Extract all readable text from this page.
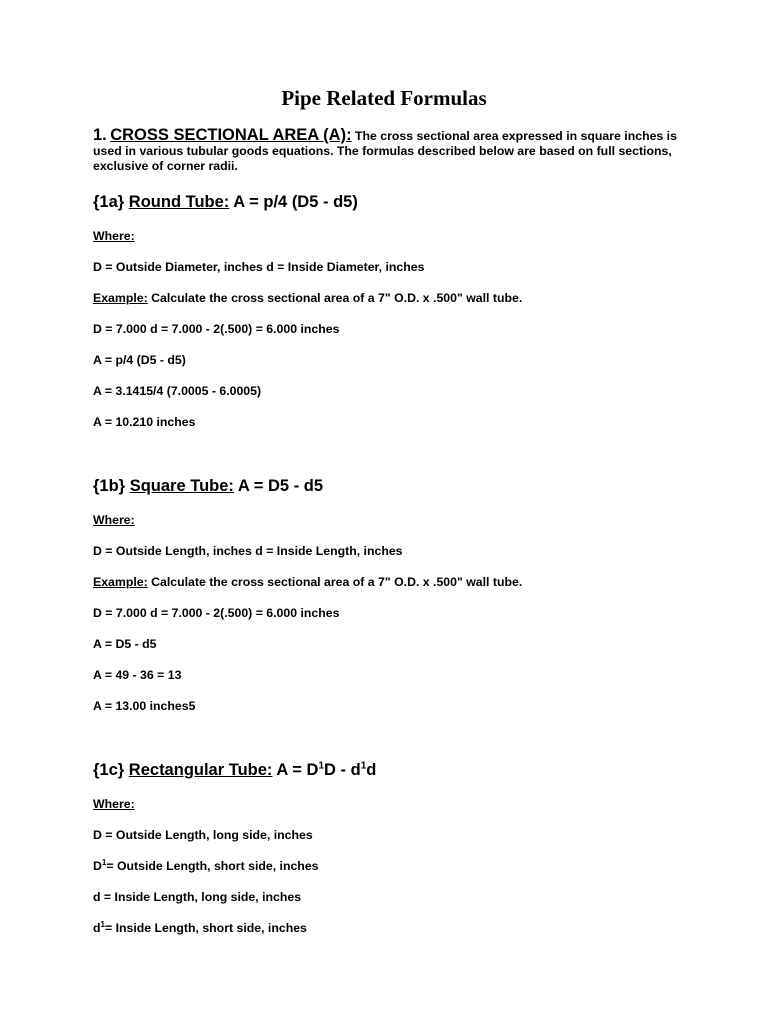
Pipe Related Formulas

1. CROSS SECTIONAL AREA (A): The cross sectional area expressed in square inches is used in various tubular goods equations. The formulas described below are based on full sections, exclusive of corner radii.

{1a} Round Tube: A = p/4 (D5 - d5)
Where:
D = Outside Diameter, inches d = Inside Diameter, inches
Example: Calculate the cross sectional area of a 7" O.D. x .500" wall tube.
D = 7.000 d = 7.000 - 2(.500) = 6.000 inches
A = p/4 (D5 - d5)
A = 3.1415/4 (7.0005 - 6.0005)
A = 10.210 inches
{1b} Square Tube: A = D5 - d5
Where:
D = Outside Length, inches d = Inside Length, inches
Example: Calculate the cross sectional area of a 7" O.D. x .500" wall tube.
D = 7.000 d = 7.000 - 2(.500) = 6.000 inches
A = D5 - d5
A = 49 - 36 = 13
A = 13.00 inches5
{1c} Rectangular Tube: $A = D^1D - d^1d$
Where:
D = Outside Length, long side, inches
$D^1=$ Outside Length, short side, inches
d = Inside Length, long side, inches
$d^1=$ Inside Length, short side, inches
